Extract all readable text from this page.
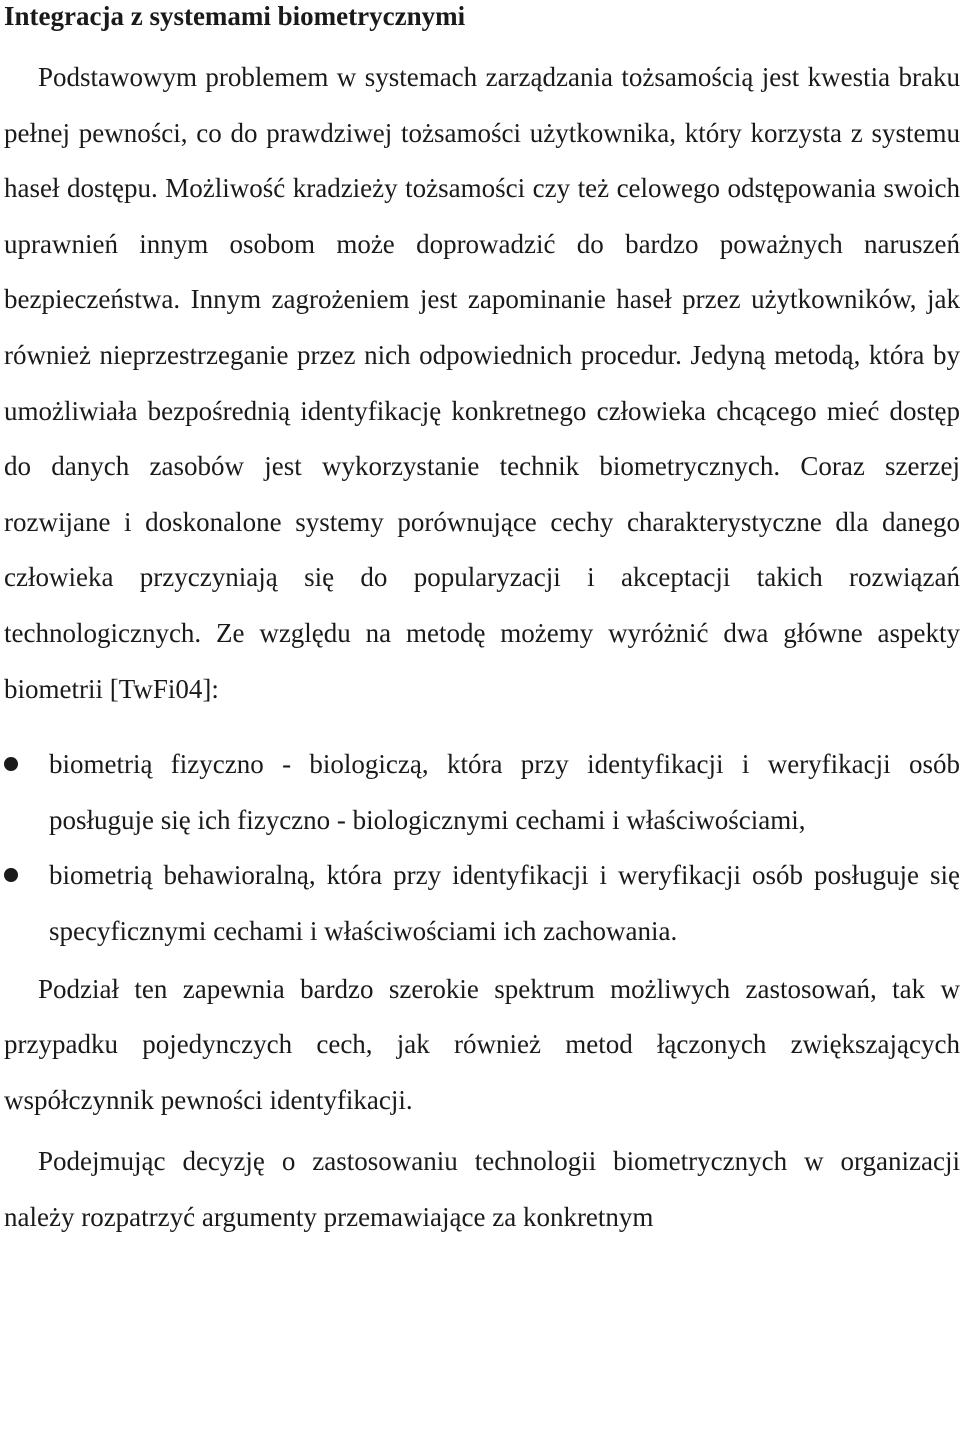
Integracja z systemami biometrycznymi

Podstawowym problemem w systemach zarządzania tożsamością jest kwestia braku pełnej pewności, co do prawdziwej tożsamości użytkownika, który korzysta z systemu haseł dostępu. Możliwość kradzieży tożsamości czy też celowego odstępowania swoich uprawnień innym osobom może doprowadzić do bardzo poważnych naruszeń bezpieczeństwa. Innym zagrożeniem jest zapominanie haseł przez użytkowników, jak również nieprzestrzeganie przez nich odpowiednich procedur. Jedyną metodą, która by umożliwiała bezpośrednią identyfikację konkretnego człowieka chcącego mieć dostęp do danych zasobów jest wykorzystanie technik biometrycznych. Coraz szerzej rozwijane i doskonalone systemy porównujące cechy charakterystyczne dla danego człowieka przyczyniają się do popularyzacji i akceptacji takich rozwiązań technologicznych. Ze względu na metodę możemy wyróżnić dwa główne aspekty biometrii [TwFi04]:

biometrią fizyczno - biologiczą, która przy identyfikacji i weryfikacji osób posługuje się ich fizyczno - biologicznymi cechami i właściwościami,
biometrią behawioralną, która przy identyfikacji i weryfikacji osób posługuje się specyficznymi cechami i właściwościami ich zachowania.

Podział ten zapewnia bardzo szerokie spektrum możliwych zastosowań, tak w przypadku pojedynczych cech, jak również metod łączonych zwiększających współczynnik pewności identyfikacji.

Podejmując decyzję o zastosowaniu technologii biometrycznych w organizacji należy rozpatrzyć argumenty przemawiające za konkretnym
